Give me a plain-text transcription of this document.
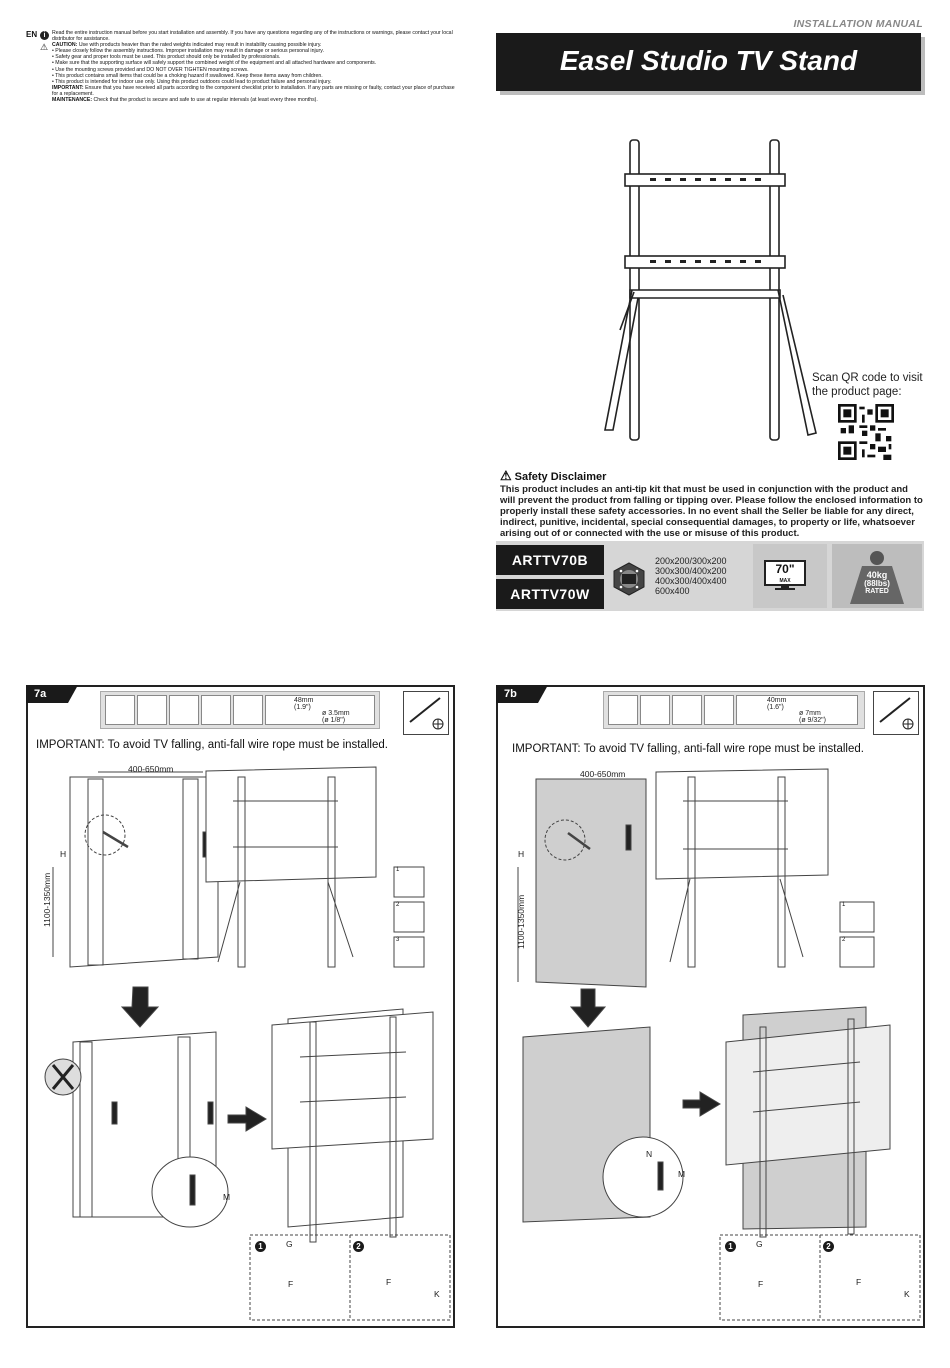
EN i
⚠
Read the entire instruction manual before you start installation and assembly. If you have any questions regarding any of the instructions or warnings, please contact your local distributor for assistance.
CAUTION: Use with products heavier than the rated weights indicated may result in instability causing possible injury.
• Please closely follow the assembly instructions. Improper installation may result in damage or serious personal injury.
• Safety gear and proper tools must be used. This product should only be installed by professionals.
• Make sure that the supporting surface will safely support the combined weight of the equipment and all attached hardware and components.
• Use the mounting screws provided and DO NOT OVER TIGHTEN mounting screws.
• This product contains small items that could be a choking hazard if swallowed. Keep these items away from children.
• This product is intended for indoor use only. Using this product outdoors could lead to product failure and personal injury.
IMPORTANT: Ensure that you have received all parts according to the component checklist prior to installation. If any parts are missing or faulty, contact your place of purchase for a replacement.
MAINTENANCE: Check that the product is secure and safe to use at regular intervals (at least every three months).
INSTALLATION MANUAL
Easel Studio TV Stand
Scan QR code to visit the product page:
⚠ Safety Disclaimer
This product includes an anti-tip kit that must be used in conjunction with the product and will prevent the product from falling or tipping over. Please follow the enclosed information to properly install these safety accessories. In no event shall the Seller be liable for any direct, indirect, punitive, incidental, special consequential damages, to property or life, whatsoever arising out of or connected with the use or misuse of this product.
ARTTV70B
ARTTV70W
200x200/300x200
300x300/400x200
400x300/400x400
600x400
70"
MAX
40kg
(88lbs)
RATED
7a
48mm
(1.9")
ø 3.5mm
(ø 1/8")
IMPORTANT: To avoid TV falling, anti-fall wire rope must be installed.
400-650mm
1100-1350mm
H
M
1
2
3
1	2
G
F	F
K
7b
40mm
(1.6")
ø 7mm
(ø 9/32")
IMPORTANT: To avoid TV falling, anti-fall wire rope must be installed.
400-650mm
1100-1350mm
H
N
M
1
2
1	2
G
F	F
K
